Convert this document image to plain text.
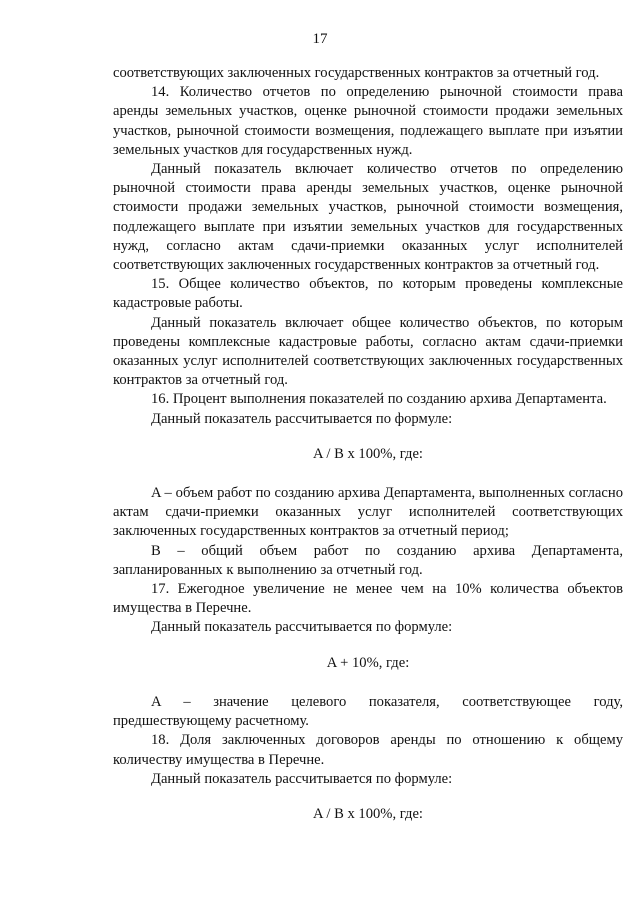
17

соответствующих заключенных государственных контрактов за отчетный год.

14. Количество отчетов по определению рыночной стоимости права аренды земельных участков, оценке рыночной стоимости продажи земельных участков, рыночной стоимости возмещения, подлежащего выплате при изъятии земельных участков для государственных нужд.

Данный показатель включает количество отчетов по определению рыночной стоимости права аренды земельных участков, оценке рыночной стоимости продажи земельных участков, рыночной стоимости возмещения, подлежащего выплате при изъятии земельных участков для государственных нужд, согласно актам сдачи-приемки оказанных услуг исполнителей соответствующих заключенных государственных контрактов за отчетный год.

15. Общее количество объектов, по которым проведены комплексные кадастровые работы.

Данный показатель включает общее количество объектов, по которым проведены комплексные кадастровые работы, согласно актам сдачи-приемки оказанных услуг исполнителей соответствующих заключенных государственных контрактов за отчетный год.

16. Процент выполнения показателей по созданию архива Департамента.

Данный показатель рассчитывается по формуле:

A / B x 100%, где:

A – объем работ по созданию архива Департамента, выполненных согласно актам сдачи-приемки оказанных услуг исполнителей соответствующих заключенных государственных контрактов за отчетный период;

B – общий объем работ по созданию архива Департамента, запланированных к выполнению за отчетный год.

17. Ежегодное увеличение не менее чем на 10% количества объектов имущества в Перечне.

Данный показатель рассчитывается по формуле:

A + 10%, где:

A – значение целевого показателя, соответствующее году, предшествующему расчетному.

18. Доля заключенных договоров аренды по отношению к общему количеству имущества в Перечне.

Данный показатель рассчитывается по формуле:

A / B x 100%, где:
